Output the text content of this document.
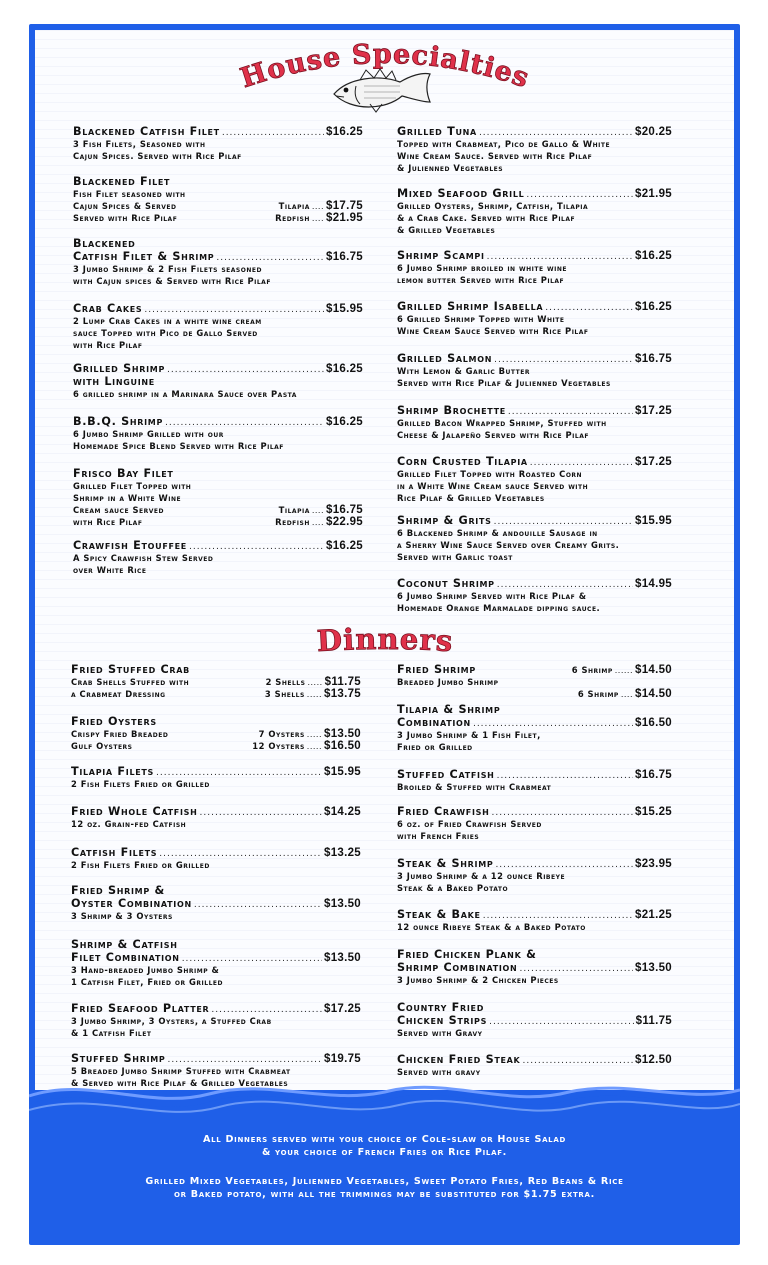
House Specialties
Dinners
Blackened Catfish Filet .....	$16.25
3 Fish Filets, Seasoned with
Cajun Spices. Served with Rice Pilaf
Blackened Filet
Fish Filet seasoned with
Cajun Spices & Served	Tilapia .... $17.75
Served with Rice Pilaf	Redfish .... $21.95
Blackened
Catfish Filet & Shrimp .....	$16.75
3 Jumbo Shrimp & 2 Fish Filets seasoned
with Cajun spices & Served with Rice Pilaf
Crab Cakes .....	$15.95
2 Lump Crab Cakes in a white wine cream
sauce Topped with Pico de Gallo Served
with Rice Pilaf
Grilled Shrimp .....	$16.25
with Linguine
6 grilled shrimp in a Marinara Sauce over Pasta
B.B.Q. Shrimp .....	$16.25
6 Jumbo Shrimp Grilled with our
Homemade Spice Blend Served with Rice Pilaf
Frisco Bay Filet
Grilled Filet Topped with
Shrimp in a White Wine
Cream sauce Served	Tilapia .... $16.75
with Rice Pilaf	Redfish .... $22.95
Crawfish Etouffee .....	$16.25
A Spicy Crawfish Stew Served
over White Rice
Grilled Tuna .....	$20.25
Topped with Crabmeat, Pico de Gallo & White
Wine Cream Sauce. Served with Rice Pilaf
& Julienned Vegetables
Mixed Seafood Grill .....	$21.95
Grilled Oysters, Shrimp, Catfish, Tilapia
& a Crab Cake. Served with Rice Pilaf
& Grilled Vegetables
Shrimp Scampi .....	$16.25
6 Jumbo Shrimp broiled in white wine
lemon butter Served with Rice Pilaf
Grilled Shrimp Isabella .....	$16.25
6 Grilled Shrimp Topped with White
Wine Cream Sauce Served with Rice Pilaf
Grilled Salmon .....	$16.75
With Lemon & Garlic Butter
Served with Rice Pilaf & Julienned Vegetables
Shrimp Brochette .....	$17.25
Grilled Bacon Wrapped Shrimp, Stuffed with
Cheese & Jalapeño Served with Rice Pilaf
Corn Crusted Tilapia .....	$17.25
Grilled Filet Topped with Roasted Corn
in a White Wine Cream sauce Served with
Rice Pilaf & Grilled Vegetables
Shrimp & Grits .....	$15.95
6 Blackened Shrimp & andouille Sausage in
a Sherry Wine Sauce Served over Creamy Grits.
Served with Garlic toast
Coconut Shrimp .....	$14.95
6 Jumbo Shrimp Served with Rice Pilaf &
Homemade Orange Marmalade dipping sauce.
Fried Stuffed Crab
Crab Shells Stuffed with	2 Shells ..... $11.75
a Crabmeat Dressing	3 Shells ..... $13.75
Fried Oysters
Crispy Fried Breaded	7 Oysters ..... $13.50
Gulf Oysters	12 Oysters ..... $16.50
Tilapia Filets .....	$15.95
2 Fish Filets Fried or Grilled
Fried Whole Catfish .....	$14.25
12 oz. Grain-fed Catfish
Catfish Filets .....	$13.25
2 Fish Filets Fried or Grilled
Fried Shrimp &
Oyster Combination .....	$13.50
3 Shrimp & 3 Oysters
Shrimp & Catfish
Filet Combination .....	$13.50
3 Hand-breaded Jumbo Shrimp &
1 Catfish Filet, Fried or Grilled
Fried Seafood Platter .....	$17.25
3 Jumbo Shrimp, 3 Oysters, a Stuffed Crab
& 1 Catfish Filet
Stuffed Shrimp .....	$19.75
5 Breaded Jumbo Shrimp Stuffed with Crabmeat
& Served with Rice Pilaf & Grilled Vegetables
Fried Shrimp	6 Shrimp ...... $14.50
Breaded Jumbo Shrimp
6 Shrimp .... $14.50
Tilapia & Shrimp
Combination .....	$16.50
3 Jumbo Shrimp & 1 Fish Filet,
Fried or Grilled
Stuffed Catfish .....	$16.75
Broiled & Stuffed with Crabmeat
Fried Crawfish .....	$15.25
6 oz. of Fried Crawfish Served
with French Fries
Steak & Shrimp .....	$23.95
3 Jumbo Shrimp & a 12 ounce Ribeye
Steak & a Baked Potato
Steak & Bake .....	$21.25
12 ounce Ribeye Steak & a Baked Potato
Fried Chicken Plank &
Shrimp Combination .....	$13.50
3 Jumbo Shrimp & 2 Chicken Pieces
Country Fried
Chicken Strips .....	$11.75
Served with Gravy
Chicken Fried Steak .....	$12.50
Served with gravy
All Dinners served with your choice of Cole-slaw or House Salad
& your choice of French Fries or Rice Pilaf.
Grilled Mixed Vegetables, Julienned Vegetables, Sweet Potato Fries, Red Beans & Rice
or Baked potato, with all the trimmings may be substituted for $1.75 extra.
